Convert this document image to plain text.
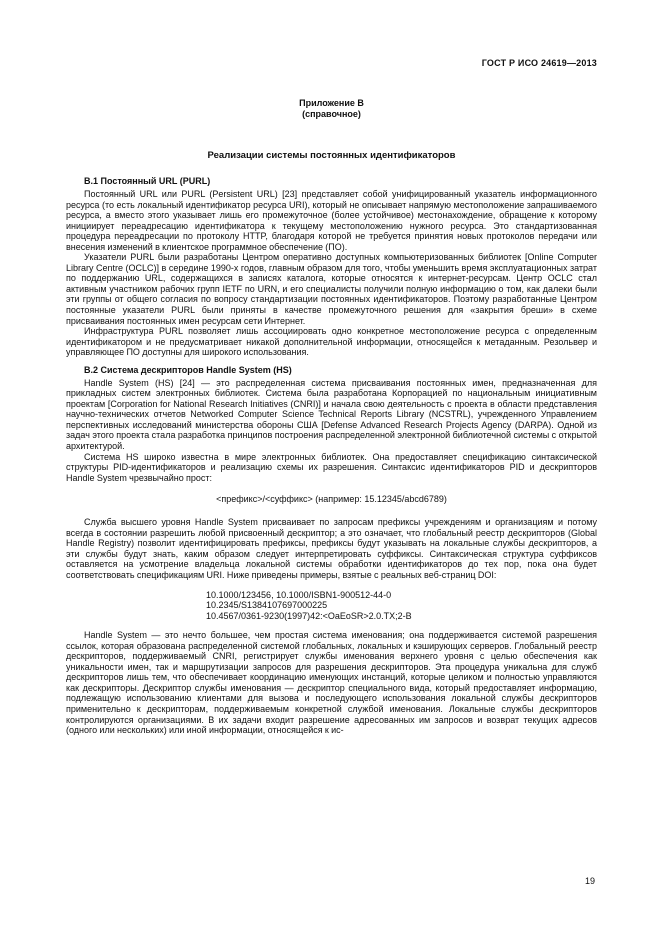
ГОСТ Р ИСО 24619—2013
Приложение В
(справочное)
Реализации системы постоянных идентификаторов
В.1 Постоянный URL (PURL)

Постоянный URL или PURL (Persistent URL) [23] представляет собой унифицированный указатель информационного ресурса (то есть локальный идентификатор ресурса URI), который не описывает напрямую местоположение запрашиваемого ресурса, а вместо этого указывает лишь его промежуточное (более устойчивое) местонахождение, обращение к которому инициирует переадресацию идентификатора к текущему местоположению нужного ресурса. Это стандартизованная процедура переадресации по протоколу HTTP, благодаря которой не требуется принятия новых протоколов передачи или внесения изменений в клиентское программное обеспечение (ПО).

Указатели PURL были разработаны Центром оперативно доступных компьютеризованных библиотек [Online Computer Library Centre (OCLC)] в середине 1990-х годов, главным образом для того, чтобы уменьшить время эксплуатационных затрат по поддержанию URL, содержащихся в записях каталога, которые относятся к интернет-ресурсам. Центр OCLC стал активным участником рабочих групп IETF по URN, и его специалисты получили полную информацию о том, как далеки были эти группы от общего согласия по вопросу стандартизации постоянных идентификаторов. Поэтому разработанные Центром постоянные указатели PURL были приняты в качестве промежуточного решения для «закрытия бреши» в схеме присваивания постоянных имен ресурсам сети Интернет.

Инфраструктура PURL позволяет лишь ассоциировать одно конкретное местоположение ресурса с определенным идентификатором и не предусматривает никакой дополнительной информации, относящейся к метаданным. Резольвер и управляющее ПО доступны для широкого использования.

В.2 Система дескрипторов Handle System (HS)

Handle System (HS) [24] — это распределенная система присваивания постоянных имен, предназначенная для прикладных систем электронных библиотек. Система была разработана Корпорацией по национальным инициативным проектам [Corporation for National Research Initiatives (CNRI)] и начала свою деятельность с проекта в области представления научно-технических отчетов Networked Computer Science Technical Reports Library (NCSTRL), учрежденного Управлением перспективных исследований министерства обороны США [Defense Advanced Research Projects Agency (DARPA). Одной из задач этого проекта стала разработка принципов построения распределенной электронной библиотечной системы с открытой архитектурой.

Система HS широко известна в мире электронных библиотек. Она предоставляет спецификацию синтаксической структуры PID-идентификаторов и реализацию схемы их разрешения. Синтаксис идентификаторов PID и дескрипторов Handle System чрезвычайно прост:

<префикс>/<суффикс> (например: 15.12345/abcd6789)

Служба высшего уровня Handle System присваивает по запросам префиксы учреждениям и организациям и потому всегда в состоянии разрешить любой присвоенный дескриптор; а это означает, что глобальный реестр дескрипторов (Global Handle Registry) позволит идентифицировать префиксы, префиксы будут указывать на локальные службы дескрипторов, а эти службы будут знать, каким образом следует интерпретировать суффиксы. Синтаксическая структура суффиксов оставляется на усмотрение владельца локальной системы обработки идентификаторов до тех пор, пока она будет соответствовать спецификациям URI. Ниже приведены примеры, взятые с реальных веб-страниц DOI:

10.1000/123456, 10.1000/ISBN1-900512-44-0
10.2345/S1384107697000225
10.4567/0361-9230(1997)42:<ОаЕоSR>2.0.TX;2-B

Handle System — это нечто большее, чем простая система именования; она поддерживается системой разрешения ссылок, которая образована распределенной системой глобальных, локальных и кэширующих серверов. Глобальный реестр дескрипторов, поддерживаемый CNRI, регистрирует службы именования верхнего уровня с целью обеспечения как уникальности имен, так и маршрутизации запросов для разрешения дескрипторов. Эта процедура уникальна для служб дескрипторов лишь тем, что обеспечивает координацию именующих инстанций, которые целиком и полностью управляются как дескрипторы. Дескриптор службы именования — дескриптор специального вида, который предоставляет информацию, подлежащую использованию клиентами для вызова и последующего использования локальной службы дескрипторов применительно к дескрипторам, поддерживаемым конкретной службой именования. Локальные службы дескрипторов контролируются организациями. В их задачи входит разрешение адресованных им запросов и возврат текущих адресов (одного или нескольких) или иной информации, относящейся к ис-

19
